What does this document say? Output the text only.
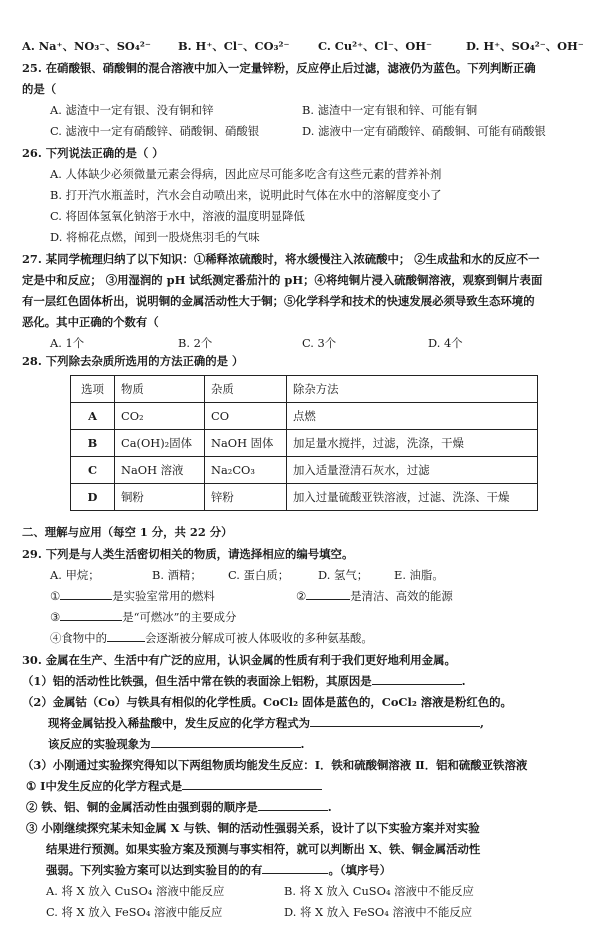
A. Na⁺、NO₃⁻、SO₄²⁻ B. H⁺、Cl⁻、CO₃²⁻	C. Cu²⁺、Cl⁻、OH⁻	D. H⁺、SO₄²⁻、OH⁻
25. 在硝酸银、硝酸铜的混合溶液中加入一定量锌粉，反应停止后过滤，滤液仍为蓝色。下列判断正确
的是（
A. 滤渣中一定有银、没有铜和锌	B. 滤渣中一定有银和锌、可能有铜
C. 滤液中一定有硝酸锌、硝酸铜、硝酸银	D. 滤液中一定有硝酸锌、硝酸铜、可能有硝酸银
26. 下列说法正确的是（ ）
A. 人体缺少必须微量元素会得病，因此应尽可能多吃含有这些元素的营养补剂
B. 打开汽水瓶盖时，汽水会自动喷出来，说明此时气体在水中的溶解度变小了
C. 将固体氢氧化钠溶于水中，溶液的温度明显降低
D. 将棉花点燃，闻到一股烧焦羽毛的气味
27. 某同学梳理归纳了以下知识：①稀释浓硫酸时，将水缓慢注入浓硫酸中； ②生成盐和水的反应不一
定是中和反应； ③用湿润的 pH 试纸测定番茄汁的 pH；④将纯铜片浸入硫酸铜溶液，观察到铜片表面
有一层红色固体析出，说明铜的金属活动性大于铜；⑤化学科学和技术的快速发展必须导致生态环境的
恶化。其中正确的个数有（
A. 1个	B. 2个	C. 3个	D. 4个
28. 下列除去杂质所选用的方法正确的是 ）
选项	物质	杂质	除杂方法
A	CO₂	CO	点燃
B	Ca(OH)₂固体	NaOH 固体	加足量水搅拌，过滤，洗涤，干燥
C	NaOH 溶液	Na₂CO₃	加入适量澄清石灰水，过滤
D	铜粉	锌粉	加入过量硫酸亚铁溶液，过滤、洗涤、干燥
二、理解与应用（每空 1 分，共 22 分）
29. 下列是与人类生活密切相关的物质，请选择相应的编号填空。
A. 甲烷；	B. 酒精； C. 蛋白质；	D. 氢气； E. 油脂。
①	是实验室常用的燃料	②	是清洁、高效的能源
③	是“可燃冰”的主要成分
④食物中的	会逐渐被分解成可被人体吸收的多种氨基酸。
30. 金属在生产、生活中有广泛的应用，认识金属的性质有利于我们更好地利用金属。
（1）铝的活动性比铁强，但生活中常在铁的表面涂上铝粉，其原因是	.
（2）金属钴（Co）与铁具有相似的化学性质。CoCl₂ 固体是蓝色的，CoCl₂ 溶液是粉红色的。
现将金属钴投入稀盐酸中，发生反应的化学方程式为	,
该反应的实验现象为	.
（3）小刚通过实验探究得知以下两组物质均能发生反应：Ⅰ．铁和硫酸铜溶液 Ⅱ．铝和硫酸亚铁溶液
① Ⅰ中发生反应的化学方程式是
② 铁、铝、铜的金属活动性由强到弱的顺序是	.
③ 小刚继续探究某未知金属 X 与铁、铜的活动性强弱关系，设计了以下实验方案并对实验
结果进行预测。如果实验方案及预测与事实相符，就可以判断出 X、铁、铜金属活动性
强弱。下列实验方案可以达到实验目的的有	。（填序号）
A. 将 X 放入 CuSO₄ 溶液中能反应	B. 将 X 放入 CuSO₄ 溶液中不能反应
C. 将 X 放入 FeSO₄ 溶液中能反应	D. 将 X 放入 FeSO₄ 溶液中不能反应
